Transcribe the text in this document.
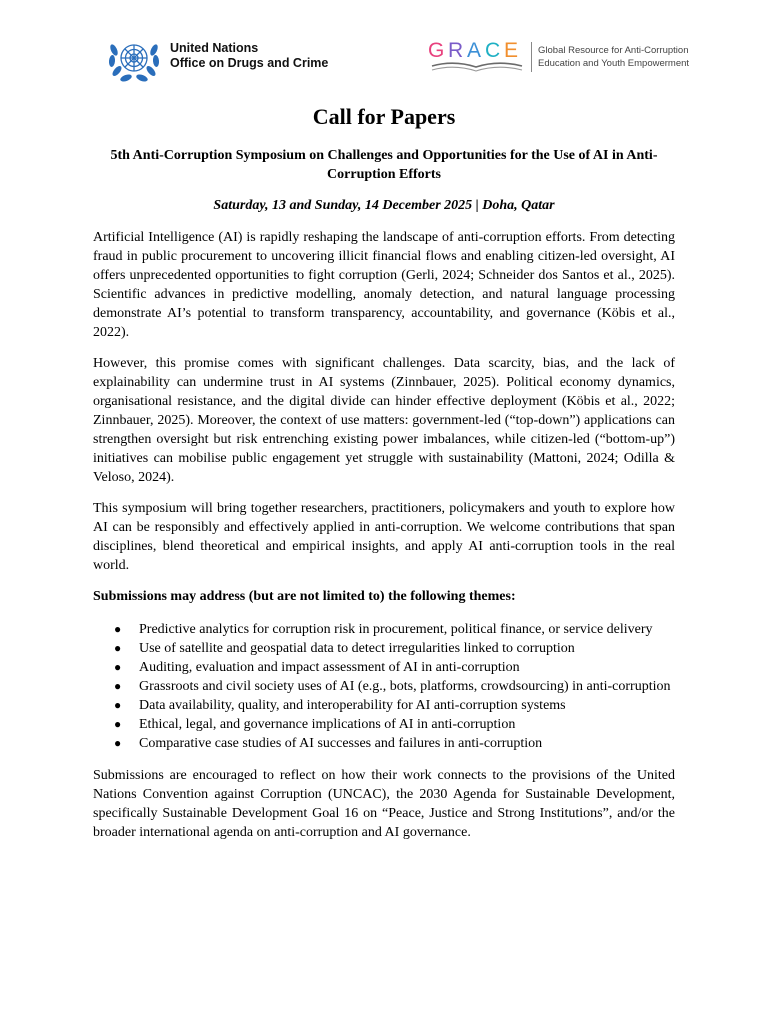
United Nations
Office on Drugs and Crime
G R A C E Global Resource for Anti-Corruption
Education and Youth Empowerment
Call for Papers
5th Anti-Corruption Symposium on Challenges and Opportunities for the Use of AI in Anti-Corruption Efforts
Saturday, 13 and Sunday, 14 December 2025 | Doha, Qatar

Artificial Intelligence (AI) is rapidly reshaping the landscape of anti-corruption efforts. From detecting fraud in public procurement to uncovering illicit financial flows and enabling citizen-led oversight, AI offers unprecedented opportunities to fight corruption (Gerli, 2024; Schneider dos Santos et al., 2025). Scientific advances in predictive modelling, anomaly detection, and natural language processing demonstrate AI’s potential to transform transparency, accountability, and governance (Köbis et al., 2022).

However, this promise comes with significant challenges. Data scarcity, bias, and the lack of explainability can undermine trust in AI systems (Zinnbauer, 2025). Political economy dynamics, organisational resistance, and the digital divide can hinder effective deployment (Köbis et al., 2022; Zinnbauer, 2025). Moreover, the context of use matters: government-led (“top-down”) applications can strengthen oversight but risk entrenching existing power imbalances, while citizen-led (“bottom-up”) initiatives can mobilise public engagement yet struggle with sustainability (Mattoni, 2024; Odilla & Veloso, 2024).

This symposium will bring together researchers, practitioners, policymakers and youth to explore how AI can be responsibly and effectively applied in anti-corruption. We welcome contributions that span disciplines, blend theoretical and empirical insights, and apply AI anti-corruption tools in the real world.

Submissions may address (but are not limited to) the following themes:

● Predictive analytics for corruption risk in procurement, political finance, or service delivery
● Use of satellite and geospatial data to detect irregularities linked to corruption
● Auditing, evaluation and impact assessment of AI in anti-corruption
● Grassroots and civil society uses of AI (e.g., bots, platforms, crowdsourcing) in anti-corruption
● Data availability, quality, and interoperability for AI anti-corruption systems
● Ethical, legal, and governance implications of AI in anti-corruption
● Comparative case studies of AI successes and failures in anti-corruption

Submissions are encouraged to reflect on how their work connects to the provisions of the United Nations Convention against Corruption (UNCAC), the 2030 Agenda for Sustainable Development, specifically Sustainable Development Goal 16 on “Peace, Justice and Strong Institutions”, and/or the broader international agenda on anti-corruption and AI governance.
